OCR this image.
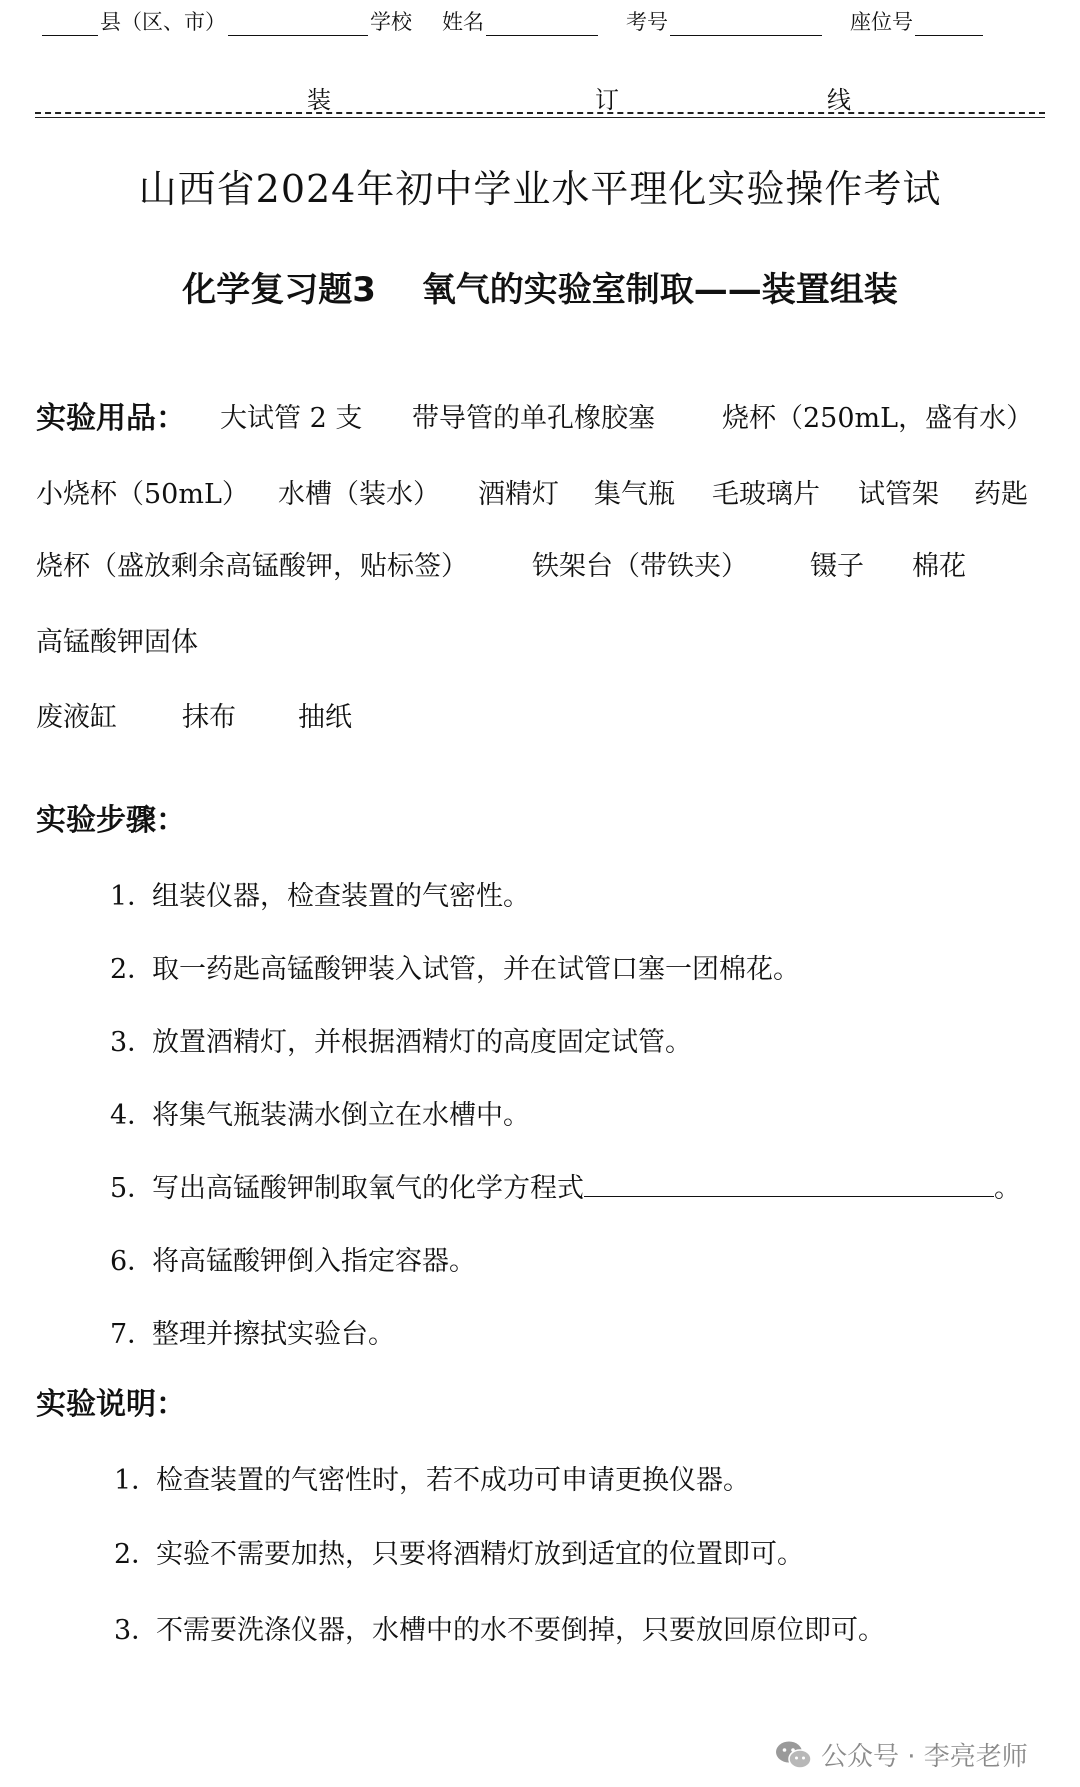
县（区、市）	学校 姓名	考号	座位号
装	订	线
山西省2024年初中学业水平理化实验操作考试
化学复习题3　 氧气的实验室制取——装置组装
实验用品： 大试管 2 支 带导管的单孔橡胶塞 烧杯（250mL，盛有水）
小烧杯（50mL） 水槽（装水） 酒精灯 集气瓶 毛玻璃片 试管架 药匙
烧杯（盛放剩余高锰酸钾，贴标签） 铁架台（带铁夹） 镊子 棉花
高锰酸钾固体
废液缸 抹布 抽纸
实验步骤：
1．组装仪器，检查装置的气密性。
2．取一药匙高锰酸钾装入试管，并在试管口塞一团棉花。
3．放置酒精灯，并根据酒精灯的高度固定试管。
4．将集气瓶装满水倒立在水槽中。
5．写出高锰酸钾制取氧气的化学方程式	。
6．将高锰酸钾倒入指定容器。
7．整理并擦拭实验台。
实验说明：
1．检查装置的气密性时，若不成功可申请更换仪器。
2．实验不需要加热，只要将酒精灯放到适宜的位置即可。
3．不需要洗涤仪器，水槽中的水不要倒掉，只要放回原位即可。
公众号 · 李亮老师
